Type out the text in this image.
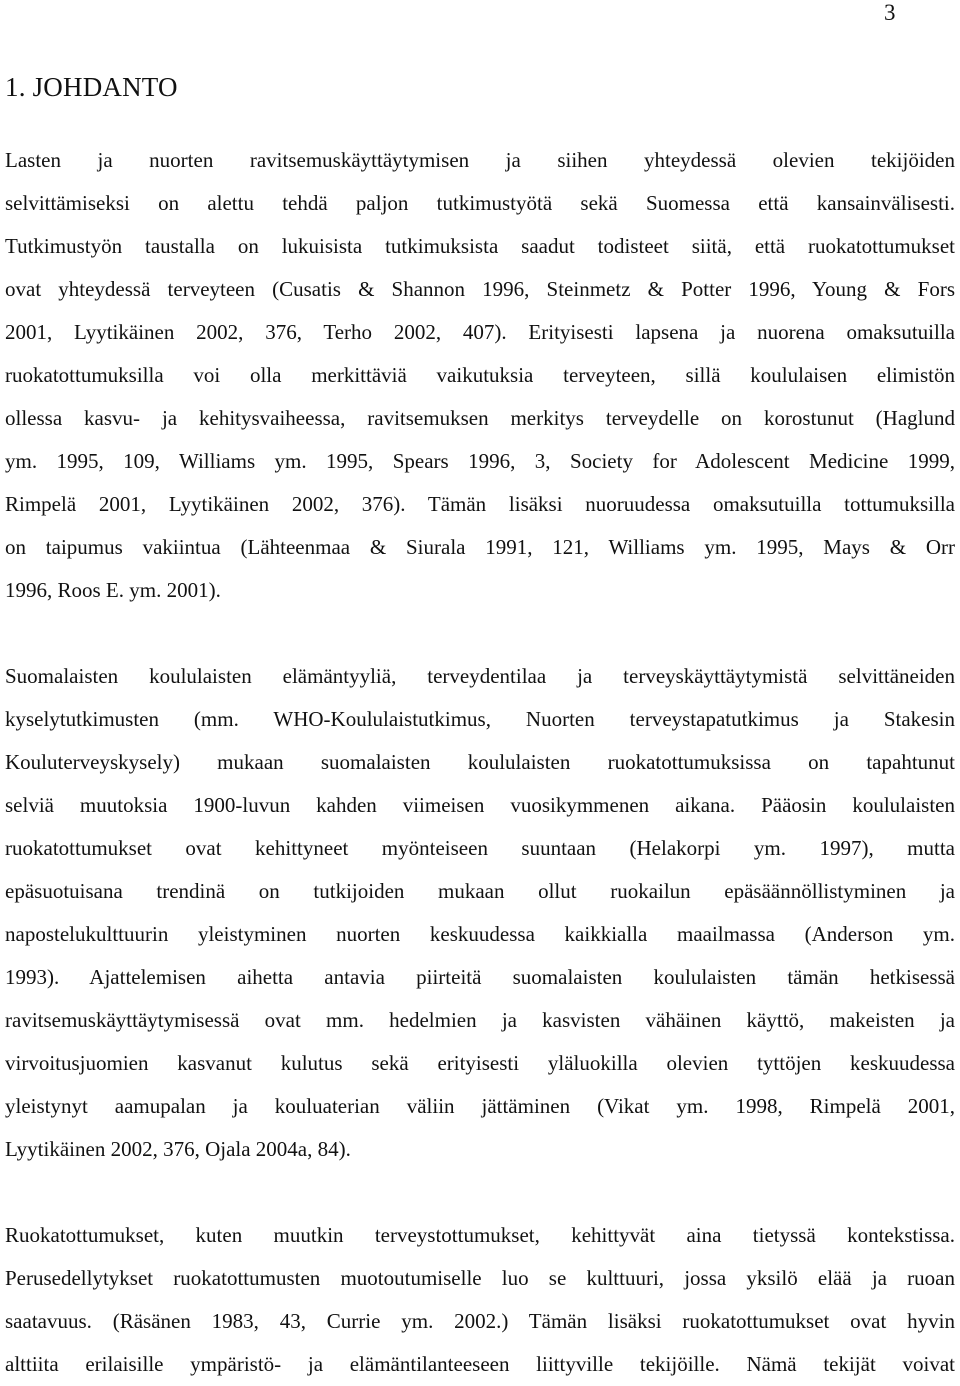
3
1. JOHDANTO
Lasten ja nuorten ravitsemuskäyttäytymisen ja siihen yhteydessä olevien tekijöiden
selvittämiseksi on alettu tehdä paljon tutkimustyötä sekä Suomessa että kansainvälisesti.
Tutkimustyön taustalla on lukuisista tutkimuksista saadut todisteet siitä, että ruokatottumukset
ovat yhteydessä terveyteen (Cusatis & Shannon 1996, Steinmetz & Potter 1996, Young & Fors
2001, Lyytikäinen 2002, 376, Terho 2002, 407). Erityisesti lapsena ja nuorena omaksutuilla
ruokatottumuksilla voi olla merkittäviä vaikutuksia terveyteen, sillä koululaisen elimistön
ollessa kasvu- ja kehitysvaiheessa, ravitsemuksen merkitys terveydelle on korostunut (Haglund
ym. 1995, 109, Williams ym. 1995, Spears 1996, 3, Society for Adolescent Medicine 1999,
Rimpelä 2001, Lyytikäinen 2002, 376). Tämän lisäksi nuoruudessa omaksutuilla tottumuksilla
on taipumus vakiintua (Lähteenmaa & Siurala 1991, 121, Williams ym. 1995, Mays & Orr
1996, Roos E. ym. 2001).
Suomalaisten koululaisten elämäntyyliä, terveydentilaa ja terveyskäyttäytymistä selvittäneiden
kyselytutkimusten (mm. WHO-Koululaistutkimus, Nuorten terveystapatutkimus ja Stakesin
Kouluterveyskysely) mukaan suomalaisten koululaisten ruokatottumuksissa on tapahtunut
selviä muutoksia 1900-luvun kahden viimeisen vuosikymmenen aikana. Pääosin koululaisten
ruokatottumukset ovat kehittyneet myönteiseen suuntaan (Helakorpi ym. 1997), mutta
epäsuotuisana trendinä on tutkijoiden mukaan ollut ruokailun epäsäännöllistyminen ja
napostelukulttuurin yleistyminen nuorten keskuudessa kaikkialla maailmassa (Anderson ym.
1993). Ajattelemisen aihetta antavia piirteitä suomalaisten koululaisten tämän hetkisessä
ravitsemuskäyttäytymisessä ovat mm. hedelmien ja kasvisten vähäinen käyttö, makeisten ja
virvoitusjuomien kasvanut kulutus sekä erityisesti yläluokilla olevien tyttöjen keskuudessa
yleistynyt aamupalan ja kouluaterian väliin jättäminen (Vikat ym. 1998, Rimpelä 2001,
Lyytikäinen 2002, 376, Ojala 2004a, 84).
Ruokatottumukset, kuten muutkin terveystottumukset, kehittyvät aina tietyssä kontekstissa.
Perusedellytykset ruokatottumusten muotoutumiselle luo se kulttuuri, jossa yksilö elää ja ruoan
saatavuus. (Räsänen 1983, 43, Currie ym. 2002.) Tämän lisäksi ruokatottumukset ovat hyvin
alttiita erilaisille ympäristö- ja elämäntilanteeseen liittyville tekijöille. Nämä tekijät voivat
